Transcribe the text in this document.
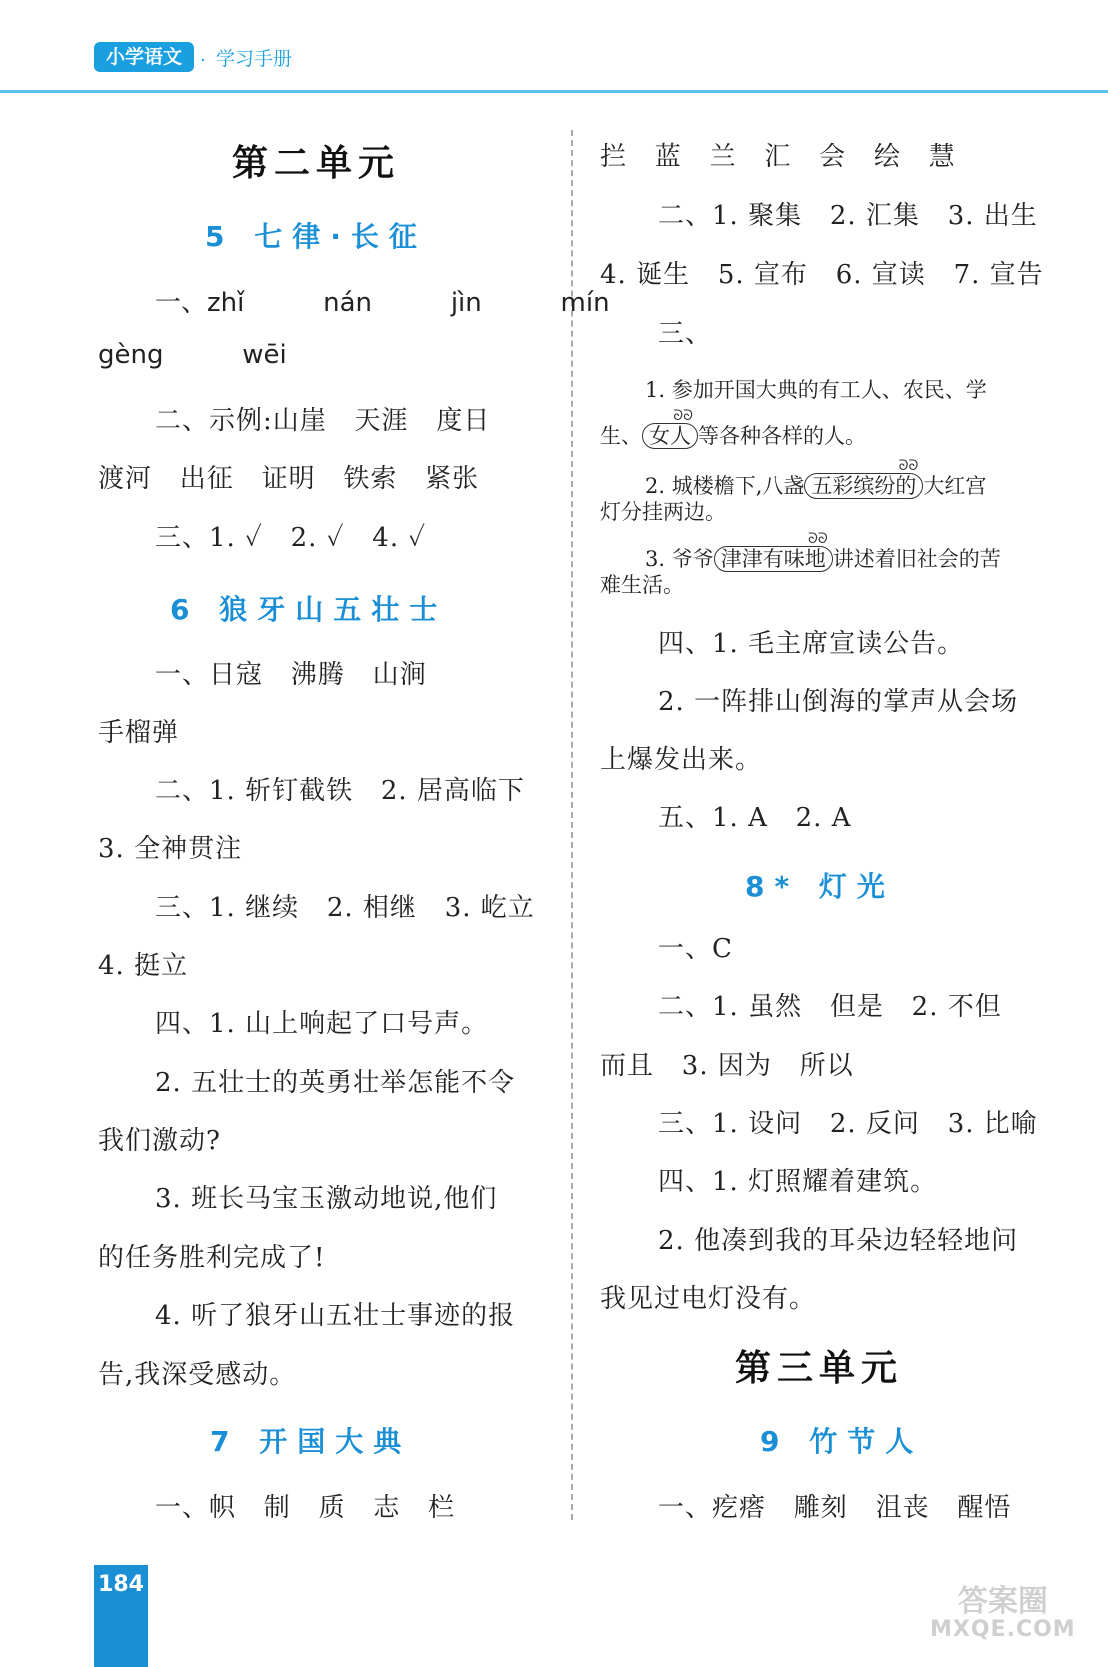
小学语文	· 学习手册
第二单元
5 七律·长征
一、zhǐ   nán   jìn   mín
gèng   wēi
二、示例:山崖   天涯   度日
渡河   出征   证明   铁索   紧张
三、1. ✓   2. ✓   4. ✓
6 狼牙山五壮士
一、日寇   沸腾   山涧
手榴弹
二、1. 斩钉截铁   2. 居高临下
3. 全神贯注
三、1. 继续   2. 相继   3. 屹立
4. 挺立
四、1. 山上响起了口号声。
2. 五壮士的英勇壮举怎能不令
我们激动?
3. 班长马宝玉激动地说,他们
的任务胜利完成了!
4. 听了狼牙山五壮士事迹的报
告,我深受感动。
7 开国大典
一、帜   制   质   志   栏
拦   蓝   兰   汇   会   绘   慧
二、1. 聚集   2. 汇集   3. 出生
4. 诞生   5. 宣布   6. 宣读   7. 宣告
三、
1. 参加开国大典的有工人、农民、学
生、 女人
ᘐᘐ
等各种各样的人。
2. 城楼檐下,八盏 五彩缤纷的
ᘐᘐ
大红宫
灯分挂两边。
3. 爷爷 津津有味地
ᘐᘐ
讲述着旧社会的苦
难生活。
四、1. 毛主席宣读公告。
2. 一阵排山倒海的掌声从会场
上爆发出来。
五、1. A   2. A
8* 灯光
一、C
二、1. 虽然   但是   2. 不但
而且   3. 因为   所以
三、1. 设问   2. 反问   3. 比喻
四、1. 灯照耀着建筑。
2. 他凑到我的耳朵边轻轻地问
我见过电灯没有。
第三单元
9 竹节人
一、疙瘩   雕刻   沮丧   醒悟
184	答案圈
MXQE.COM
